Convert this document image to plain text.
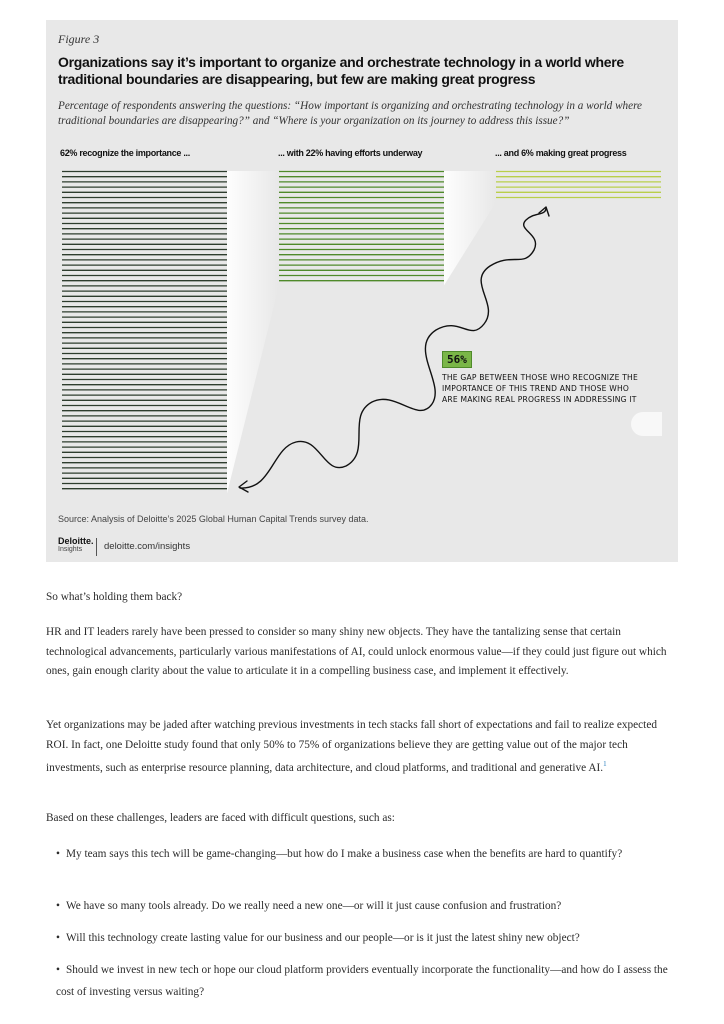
Figure 3
Organizations say it’s important to organize and orchestrate technology in a world where traditional boundaries are disappearing, but few are making great progress
Percentage of respondents answering the questions: “How important is organizing and orchestrating technology in a world where traditional boundaries are disappearing?” and “Where is your organization on its journey to address this issue?”
62% recognize the importance ...	... with 22% having efforts underway	... and 6% making great progress
56%
THE GAP BETWEEN THOSE WHO RECOGNIZE THE IMPORTANCE OF THIS TREND AND THOSE WHO ARE MAKING REAL PROGRESS IN ADDRESSING IT
Source: Analysis of Deloitte’s 2025 Global Human Capital Trends survey data.
Deloitte.
Insights	deloitte.com/insights

So what’s holding them back?

HR and IT leaders rarely have been pressed to consider so many shiny new objects. They have the tantalizing sense that certain technological advancements, particularly various manifestations of AI, could unlock enormous value—if they could just figure out which ones, gain enough clarity about the value to articulate it in a compelling business case, and implement it effectively.

Yet organizations may be jaded after watching previous investments in tech stacks fall short of expectations and fail to realize expected ROI. In fact, one Deloitte study found that only 50% to 75% of organizations believe they are getting value out of the major tech investments, such as enterprise resource planning, data architecture, and cloud platforms, and traditional and generative AI.$^1$

Based on these challenges, leaders are faced with difficult questions, such as:

• My team says this tech will be game-changing—but how do I make a business case when the benefits are hard to quantify?
• We have so many tools already. Do we really need a new one—or will it just cause confusion and frustration?
• Will this technology create lasting value for our business and our people—or is it just the latest shiny new object?
• Should we invest in new tech or hope our cloud platform providers eventually incorporate the functionality—and how do I assess the cost of investing versus waiting?
